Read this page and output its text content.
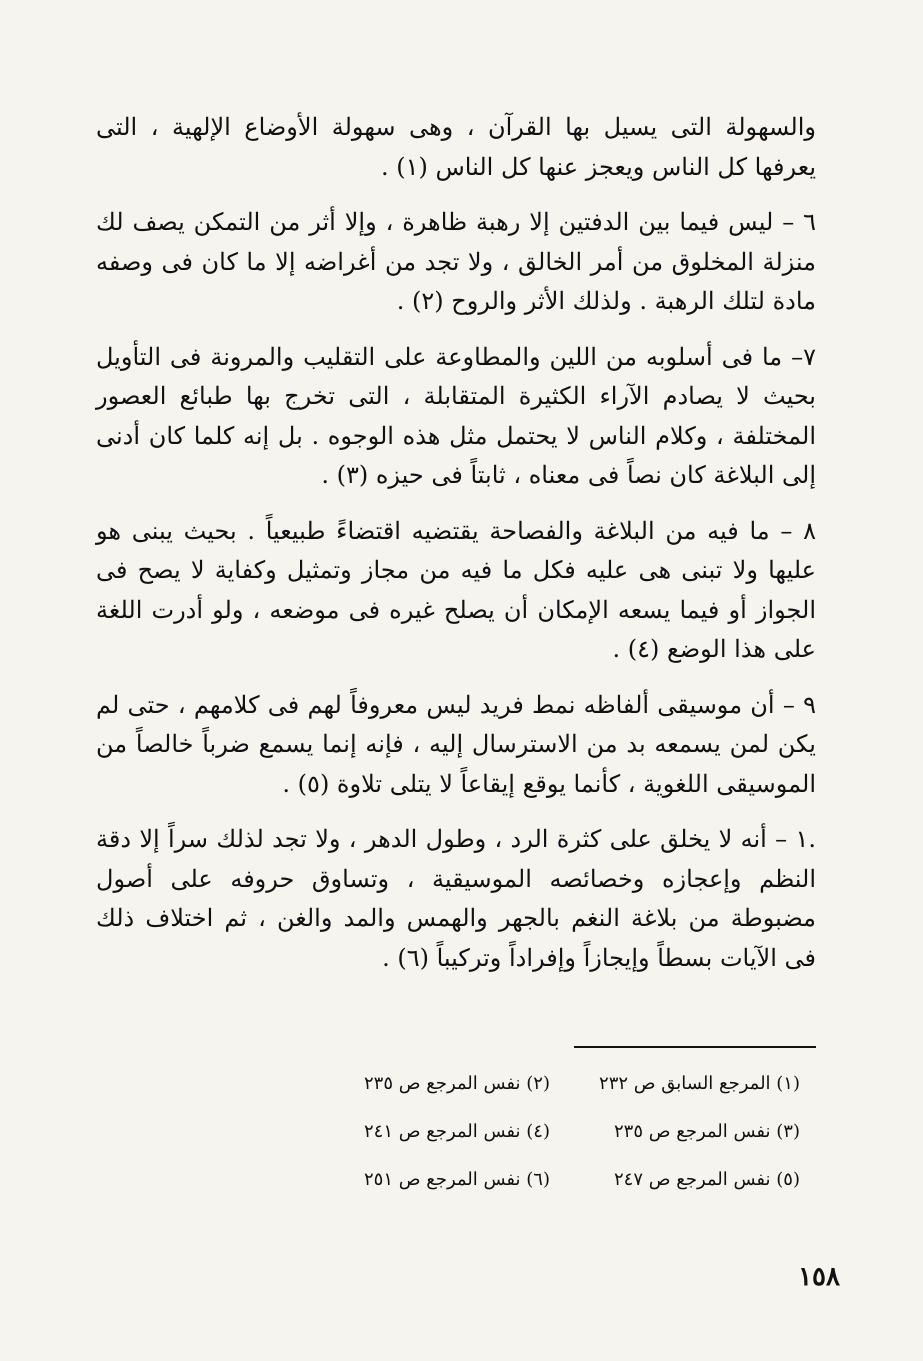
والسهولة التى يسيل بها القرآن ، وهى سهولة الأوضاع الإلهية ، التى يعرفها كل الناس ويعجز عنها كل الناس (١) .

٦ – ليس فيما بين الدفتين إلا رهبة ظاهرة ، وإلا أثر من التمكن يصف لك منزلة المخلوق من أمر الخالق ، ولا تجد من أغراضه إلا ما كان فى وصفه مادة لتلك الرهبة . ولذلك الأثر والروح (٢) .

٧– ما فى أسلوبه من اللين والمطاوعة على التقليب والمرونة فى التأويل بحيث لا يصادم الآراء الكثيرة المتقابلة ، التى تخرج بها طبائع العصور المختلفة ، وكلام الناس لا يحتمل مثل هذه الوجوه . بل إنه كلما كان أدنى إلى البلاغة كان نصاً فى معناه ، ثابتاً فى حيزه (٣) .

٨ – ما فيه من البلاغة والفصاحة يقتضيه اقتضاءً طبيعياً . بحيث يبنى هو عليها ولا تبنى هى عليه فكل ما فيه من مجاز وتمثيل وكفاية لا يصح فى الجواز أو فيما يسعه الإمكان أن يصلح غيره فى موضعه ، ولو أدرت اللغة على هذا الوضع (٤) .

٩ – أن موسيقى ألفاظه نمط فريد ليس معروفاً لهم فى كلامهم ، حتى لم يكن لمن يسمعه بد من الاسترسال إليه ، فإنه إنما يسمع ضرباً خالصاً من الموسيقى اللغوية ، كأنما يوقع إيقاعاً لا يتلى تلاوة (٥) .

.١ – أنه لا يخلق على كثرة الرد ، وطول الدهر ، ولا تجد لذلك سراً إلا دقة النظم وإعجازه وخصائصه الموسيقية ، وتساوق حروفه على أصول مضبوطة من بلاغة النغم بالجهر والهمس والمد والغن ، ثم اختلاف ذلك فى الآيات بسطاً وإيجازاً وإفراداً وتركيباً (٦) .

(١) المرجع السابق ص ٢٣٢
(٢) نفس المرجع ص ٢٣٥
(٣) نفس المرجع ص ٢٣٥
(٤) نفس المرجع ص ٢٤١
(٥) نفس المرجع ص ٢٤٧
(٦) نفس المرجع ص ٢٥١
١٥٨
